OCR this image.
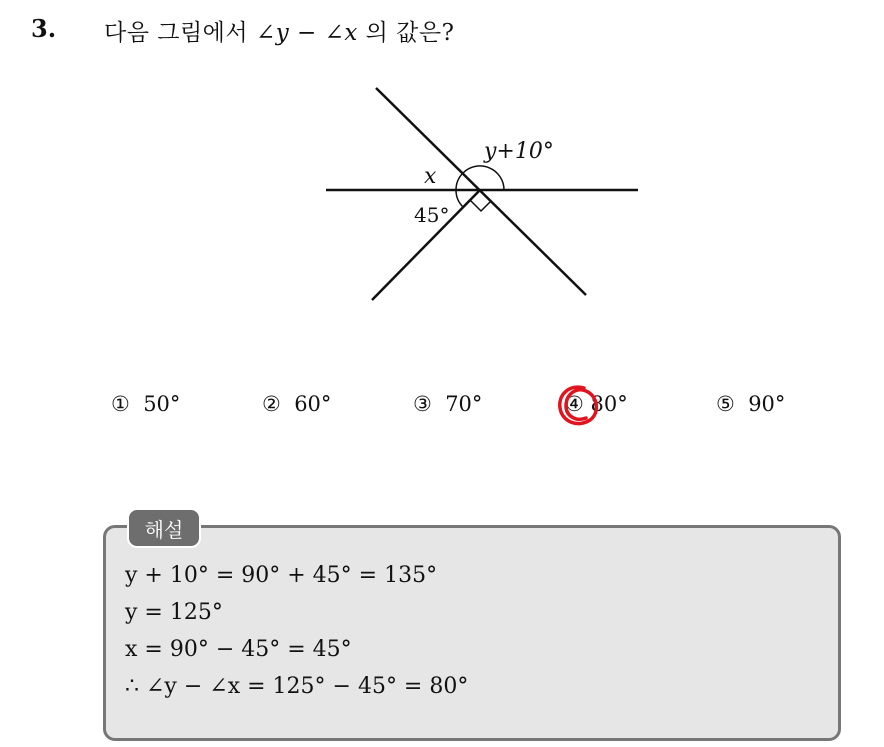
3. 다음 그림에서 ∠y − ∠x 의 값은?
y+10°
x
45°
① 50°	② 60°	③ 70°	④ 80°	⑤ 90°
해설
y + 10° = 90° + 45° = 135°
y = 125°
x = 90° − 45° = 45°
∴ ∠y − ∠x = 125° − 45° = 80°
